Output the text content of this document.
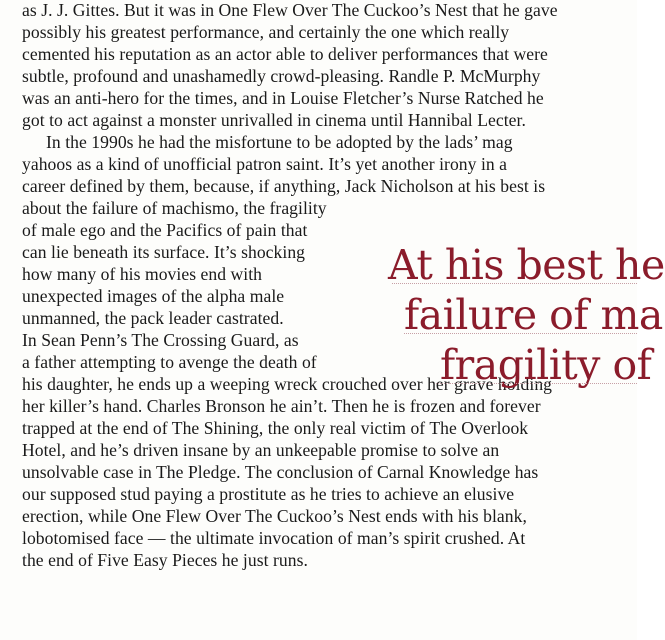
as J. J. Gittes. But it was in One Flew Over The Cuckoo’s Nest that he gave

possibly his greatest performance, and certainly the one which really

cemented his reputation as an actor able to deliver performances that were

subtle, profound and unashamedly crowd-pleasing. Randle P. McMurphy

was an anti-hero for the times, and in Louise Fletcher’s Nurse Ratched he

got to act against a monster unrivalled in cinema until Hannibal Lecter.

In the 1990s he had the misfortune to be adopted by the lads’ mag

yahoos as a kind of unofficial patron saint. It’s yet another irony in a

career defined by them, because, if anything, Jack Nicholson at his best is

about the failure of machismo, the fragility

of male ego and the Pacifics of pain that

can lie beneath its surface. It’s shocking

how many of his movies end with

unexpected images of the alpha male

unmanned, the pack leader castrated.

In Sean Penn’s The Crossing Guard, as

a father attempting to avenge the death of

his daughter, he ends up a weeping wreck crouched over her grave holding

her killer’s hand. Charles Bronson he ain’t. Then he is frozen and forever

trapped at the end of The Shining, the only real victim of The Overlook

Hotel, and he’s driven insane by an unkeepable promise to solve an

unsolvable case in The Pledge. The conclusion of Carnal Knowledge has

our supposed stud paying a prostitute as he tries to achieve an elusive

erection, while One Flew Over The Cuckoo’s Nest ends with his blank,

lobotomised face — the ultimate invocation of man’s spirit crushed. At

the end of Five Easy Pieces he just runs.

At his best he

failure of ma

fragility of
